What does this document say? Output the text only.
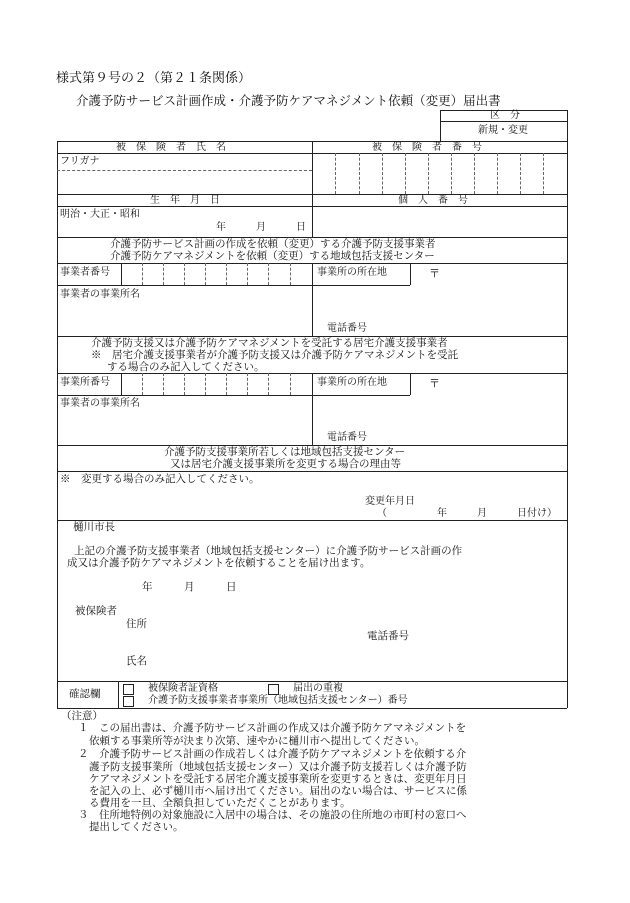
様式第９号の２（第２１条関係）
介護予防サービス計画作成・介護予防ケアマネジメント依頼（変更）届出書
区　分
新規・変更
被　保　険　者　氏　名	被　保　険　者　番　号
フリガナ
生　年　月　日	個　人　番　号
明治・大正・昭和
年　　　月　　　日
介護予防サービス計画の作成を依頼（変更）する介護予防支援事業者
介護予防ケアマネジメントを依頼（変更）する地域包括支援センター
事業者番号	事業所の所在地	〒
事業者の事業所名
電話番号
介護予防支援又は介護予防ケアマネジメントを受託する居宅介護支援事業者
※　居宅介護支援事業者が介護予防支援又は介護予防ケアマネジメントを受託
する場合のみ記入してください。
事業所番号	事業所の所在地	〒
事業者の事業所名
電話番号
介護予防支援事業所若しくは地域包括支援センター
又は居宅介護支援事業所を変更する場合の理由等
※　変更する場合のみ記入してください。
変更年月日
（　　　　　年　　　月　　　日付け）
樋川市長
上記の介護予防支援事業者（地域包括支援センター）に介護予防サービス計画の作
成又は介護予防ケアマネジメントを依頼することを届け出ます。
年　　　月　　　日
被保険者
住所
電話番号
氏名
確認欄	被保険者証資格	届出の重複
介護予防支援事業者事業所（地域包括支援センター）番号
（注意）
１　この届出書は、介護予防サービス計画の作成又は介護予防ケアマネジメントを
依頼する事業所等が決まり次第、速やかに樋川市へ提出してください。
２　介護予防サービス計画の作成若しくは介護予防ケアマネジメントを依頼する介
護予防支援事業所（地域包括支援センター）又は介護予防支援若しくは介護予防
ケアマネジメントを受託する居宅介護支援事業所を変更するときは、変更年月日
を記入の上、必ず樋川市へ届け出てください。届出のない場合は、サービスに係
る費用を一旦、全額負担していただくことがあります。
３　住所地特例の対象施設に入居中の場合は、その施設の住所地の市町村の窓口へ
提出してください。
